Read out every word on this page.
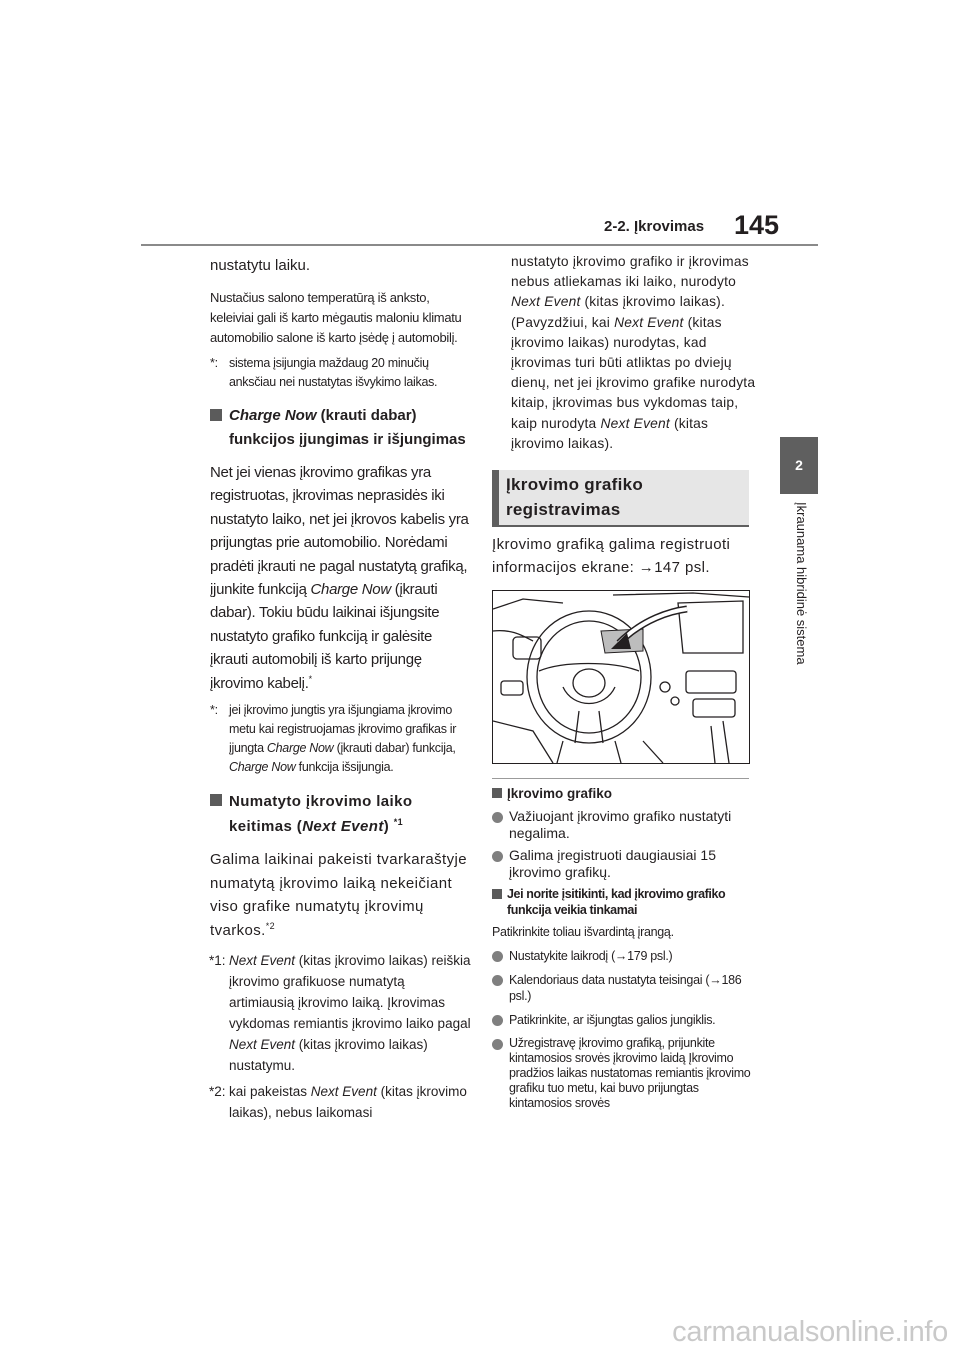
2-2. Įkrovimas 145
2
Įkraunama hibridinė sistema

nustatytu laiku.

Nustačius salono temperatūrą iš anksto, keleiviai gali iš karto mėgautis maloniu klimatu automobilio salone iš karto įsėdę į automobilį.

*: sistema įsijungia maždaug 20 minučių anksčiau nei nustatytas išvykimo laikas.
Charge Now (krauti dabar) funkcijos įjungimas ir išjungimas

Net jei vienas įkrovimo grafikas yra registruotas, įkrovimas neprasidės iki nustatyto laiko, net jei įkrovos kabelis yra prijungtas prie automobilio. Norėdami pradėti įkrauti ne pagal nustatytą grafiką, įjunkite funkciją Charge Now (įkrauti dabar). Tokiu būdu laikinai išjungsite nustatyto grafiko funkciją ir galėsite įkrauti automobilį iš karto prijungę įkrovimo kabelį.*

*: jei įkrovimo jungtis yra išjungiama įkrovimo metu kai registruojamas įkrovimo grafikas ir įjungta Charge Now (įkrauti dabar) funkcija, Charge Now funkcija išsijungia.
Numatyto įkrovimo laiko keitimas (Next Event) $^{*1}$

Galima laikinai pakeisti tvarkaraštyje numatytą įkrovimo laiką nekeičiant viso grafike numatytų įkrovimų tvarkos.$^{*2}$

*1: Next Event (kitas įkrovimo laikas) reiškia įkrovimo grafikuose numatytą artimiausią įkrovimo laiką. Įkrovimas vykdomas remiantis įkrovimo laiko pagal Next Event (kitas įkrovimo laikas) nustatymu.
*2: kai pakeistas Next Event (kitas įkrovimo laikas), nebus laikomasi

nustatyto įkrovimo grafiko ir įkrovimas nebus atliekamas iki laiko, nurodyto Next Event (kitas įkrovimo laikas). (Pavyzdžiui, kai Next Event (kitas įkrovimo laikas) nurodytas, kad įkrovimas turi būti atliktas po dviejų dienų, net jei įkrovimo grafike nurodyta kitaip, įkrovimas bus vykdomas taip, kaip nurodyta Next Event (kitas įkrovimo laikas).

Įkrovimo grafiko registravimas

Įkrovimo grafiką galima registruoti informacijos ekrane: →147 psl.

Įkrovimo grafiko
Važiuojant įkrovimo grafiko nustatyti negalima.
Galima įregistruoti daugiausiai 15 įkrovimo grafikų.
Jei norite įsitikinti, kad įkrovimo grafiko funkcija veikia tinkamai

Patikrinkite toliau išvardintą įrangą.

Nustatykite laikrodį (→179 psl.)
Kalendoriaus data nustatyta teisingai (→186 psl.)
Patikrinkite, ar išjungtas galios jungiklis.
Užregistravę įkrovimo grafiką, prijunkite kintamosios srovės įkrovimo laidą Įkrovimo pradžios laikas nustatomas remiantis įkrovimo grafiku tuo metu, kai buvo prijungtas kintamosios srovės
carmanualsonline.info
